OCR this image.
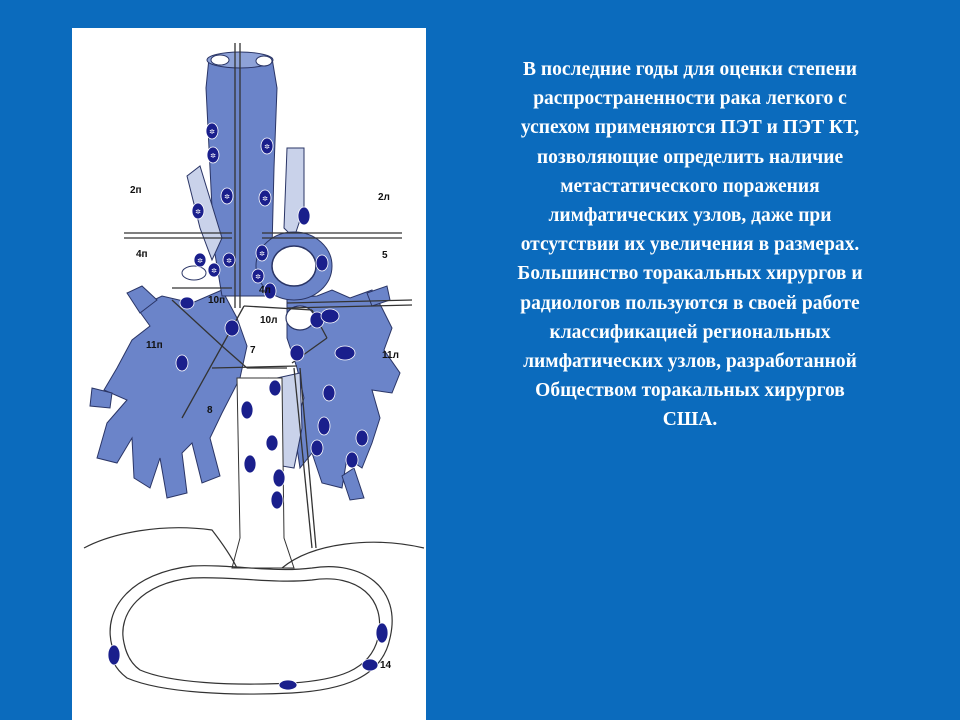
✲
✲
✲
✲	✲
✲
✲
✲
✲
✲
✲
2п
2л
4п
4л
5
10п
10л
7
11п
11л
8
14
В последние годы для оценки степени
распространенности рака легкого с
успехом применяются ПЭТ и ПЭТ КТ,
позволяющие определить наличие
метастатического поражения
лимфатических узлов, даже при
отсутствии их увеличения в размерах.
Большинство торакальных хирургов и
радиологов пользуются в своей работе
классификацией региональных
лимфатических узлов, разработанной
Обществом торакальных хирургов
США.
